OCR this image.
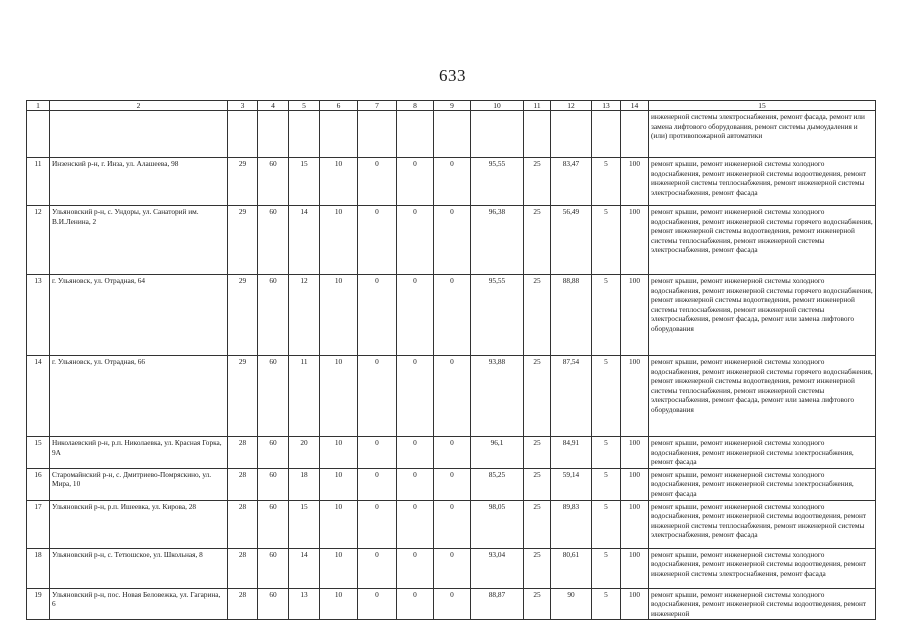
633
1	2	3	4	5	6	7	8	9	10	11	12	13	14	15
														инженерной системы электроснабжения, ремонт фасада, ремонт или замена лифтового оборудования, ремонт системы дымоудаления и (или) противопожарной автоматики
11	Инзенский р-н, г. Инза, ул. Алашеева, 98	29	60	15	10	0	0	0	95,55	25	83,47	5	100	ремонт крыши, ремонт инженерной системы холодного водоснабжения, ремонт инженерной системы водоотведения, ремонт инженерной системы теплоснабжения, ремонт инженерной системы электроснабжения, ремонт фасада
12	Ульяновский р-н, с. Ундоры, ул. Санаторий им. В.И.Ленина, 2	29	60	14	10	0	0	0	96,38	25	56,49	5	100	ремонт крыши, ремонт инженерной системы холодного водоснабжения, ремонт инженерной системы горячего водоснабжения, ремонт инженерной системы водоотведения, ремонт инженерной системы теплоснабжения, ремонт инженерной системы электроснабжения, ремонт фасада
13	г. Ульяновск, ул. Отрадная, 64	29	60	12	10	0	0	0	95,55	25	88,88	5	100	ремонт крыши, ремонт инженерной системы холодного водоснабжения, ремонт инженерной системы горячего водоснабжения, ремонт инженерной системы водоотведения, ремонт инженерной системы теплоснабжения, ремонт инженерной системы электроснабжения, ремонт фасада, ремонт или замена лифтового оборудования
14	г. Ульяновск, ул. Отрадная, 66	29	60	11	10	0	0	0	93,88	25	87,54	5	100	ремонт крыши, ремонт инженерной системы холодного водоснабжения, ремонт инженерной системы горячего водоснабжения, ремонт инженерной системы водоотведения, ремонт инженерной системы теплоснабжения, ремонт инженерной системы электроснабжения, ремонт фасада, ремонт или замена лифтового оборудования
15	Николаевский р-н, р.п. Николаевка, ул. Красная Горка, 9А	28	60	20	10	0	0	0	96,1	25	84,91	5	100	ремонт крыши, ремонт инженерной системы холодного водоснабжения, ремонт инженерной системы электроснабжения, ремонт фасада
16	Старомайнский р-н, с. Дмитриево-Помряскино, ул. Мира, 10	28	60	18	10	0	0	0	85,25	25	59,14	5	100	ремонт крыши, ремонт инженерной системы холодного водоснабжения, ремонт инженерной системы электроснабжения, ремонт фасада
17	Ульяновский р-н, р.п. Ишеевка, ул. Кирова, 28	28	60	15	10	0	0	0	98,05	25	89,83	5	100	ремонт крыши, ремонт инженерной системы холодного водоснабжения, ремонт инженерной системы водоотведения, ремонт инженерной системы теплоснабжения, ремонт инженерной системы электроснабжения, ремонт фасада
18	Ульяновский р-н, с. Тетюшское, ул. Школьная, 8	28	60	14	10	0	0	0	93,04	25	80,61	5	100	ремонт крыши, ремонт инженерной системы холодного водоснабжения, ремонт инженерной системы водоотведения, ремонт инженерной системы электроснабжения, ремонт фасада
19	Ульяновский р-н, пос. Новая Беловежка, ул. Гагарина, 6	28	60	13	10	0	0	0	88,87	25	90	5	100	ремонт крыши, ремонт инженерной системы холодного водоснабжения, ремонт инженерной системы водоотведения, ремонт инженерной
